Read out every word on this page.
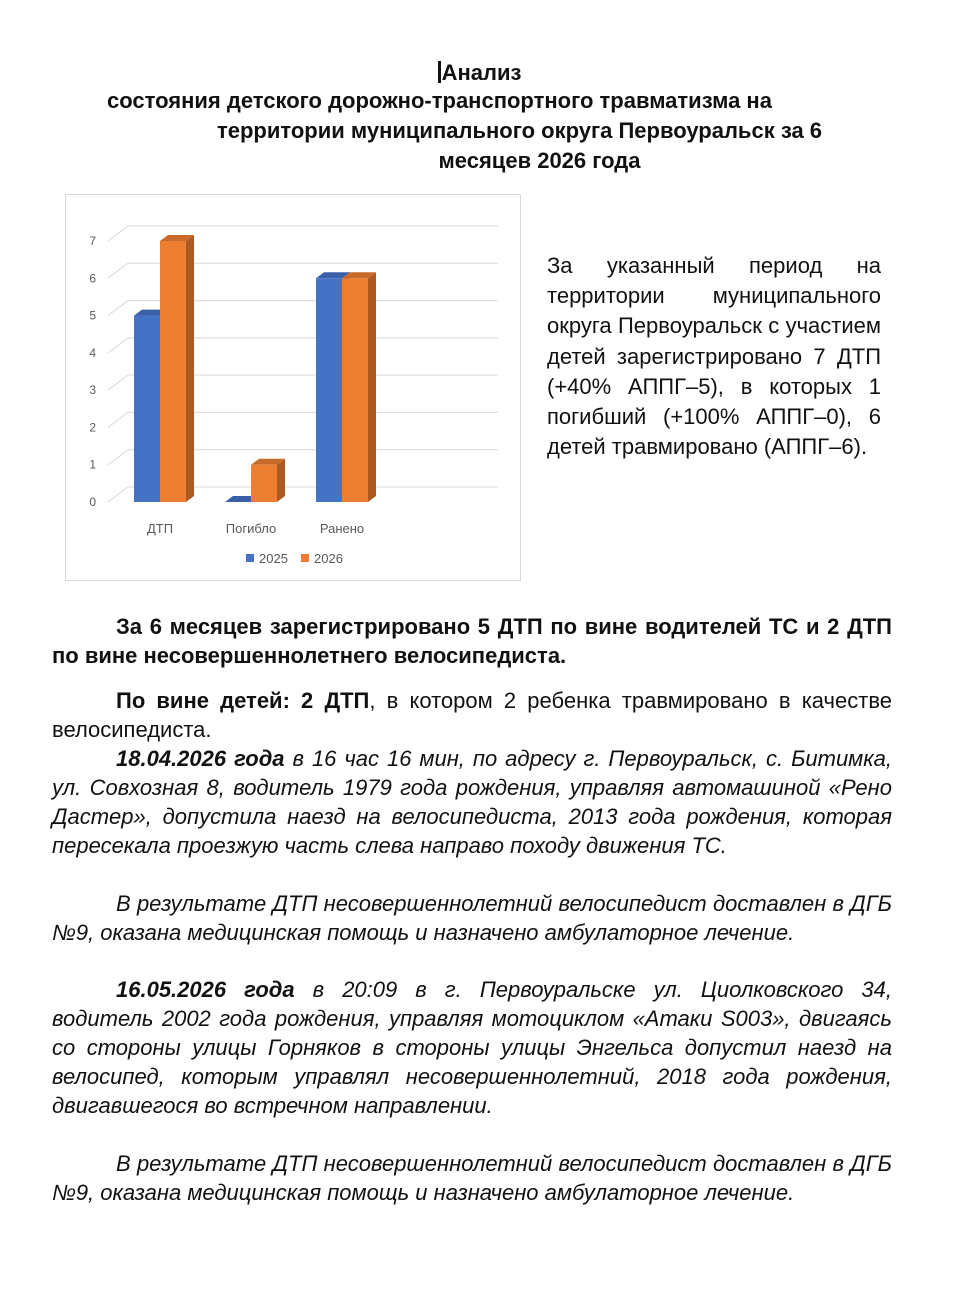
Анализ
состояния детского дорожно-транспортного травматизма на
территории муниципального округа Первоуральск за 6
месяцев 2026 года
0
1
2
3
4
5
6
7
ДТП	Погибло	Ранено
2025 2026
За указанный период на территории муниципального округа Первоуральск с участием детей зарегистрировано 7 ДТП (+40% АППГ–5), в которых 1 погибший (+100% АППГ–0), 6 детей травмировано (АППГ–6).
За 6 месяцев зарегистрировано 5 ДТП по вине водителей ТС и 2 ДТП по вине несовершеннолетнего велосипедиста.
По вине детей: 2 ДТП, в котором 2 ребенка травмировано в качестве велосипедиста.
18.04.2026 года в 16 час 16 мин, по адресу г. Первоуральск, с. Битимка, ул. Совхозная 8, водитель 1979 года рождения, управляя автомашиной «Рено Дастер», допустила наезд на велосипедиста, 2013 года рождения, которая пересекала проезжую часть слева направо походу движения ТС.
В результате ДТП несовершеннолетний велосипедист доставлен в ДГБ №9, оказана медицинская помощь и назначено амбулаторное лечение.
16.05.2026 года в 20:09 в г. Первоуральске ул. Циолковского 34, водитель 2002 года рождения, управляя мотоциклом «Атаки S003», двигаясь со стороны улицы Горняков в стороны улицы Энгельса допустил наезд на велосипед, которым управлял несовершеннолетний, 2018 года рождения, двигавшегося во встречном направлении.
В результате ДТП несовершеннолетний велосипедист доставлен в ДГБ №9, оказана медицинская помощь и назначено амбулаторное лечение.
